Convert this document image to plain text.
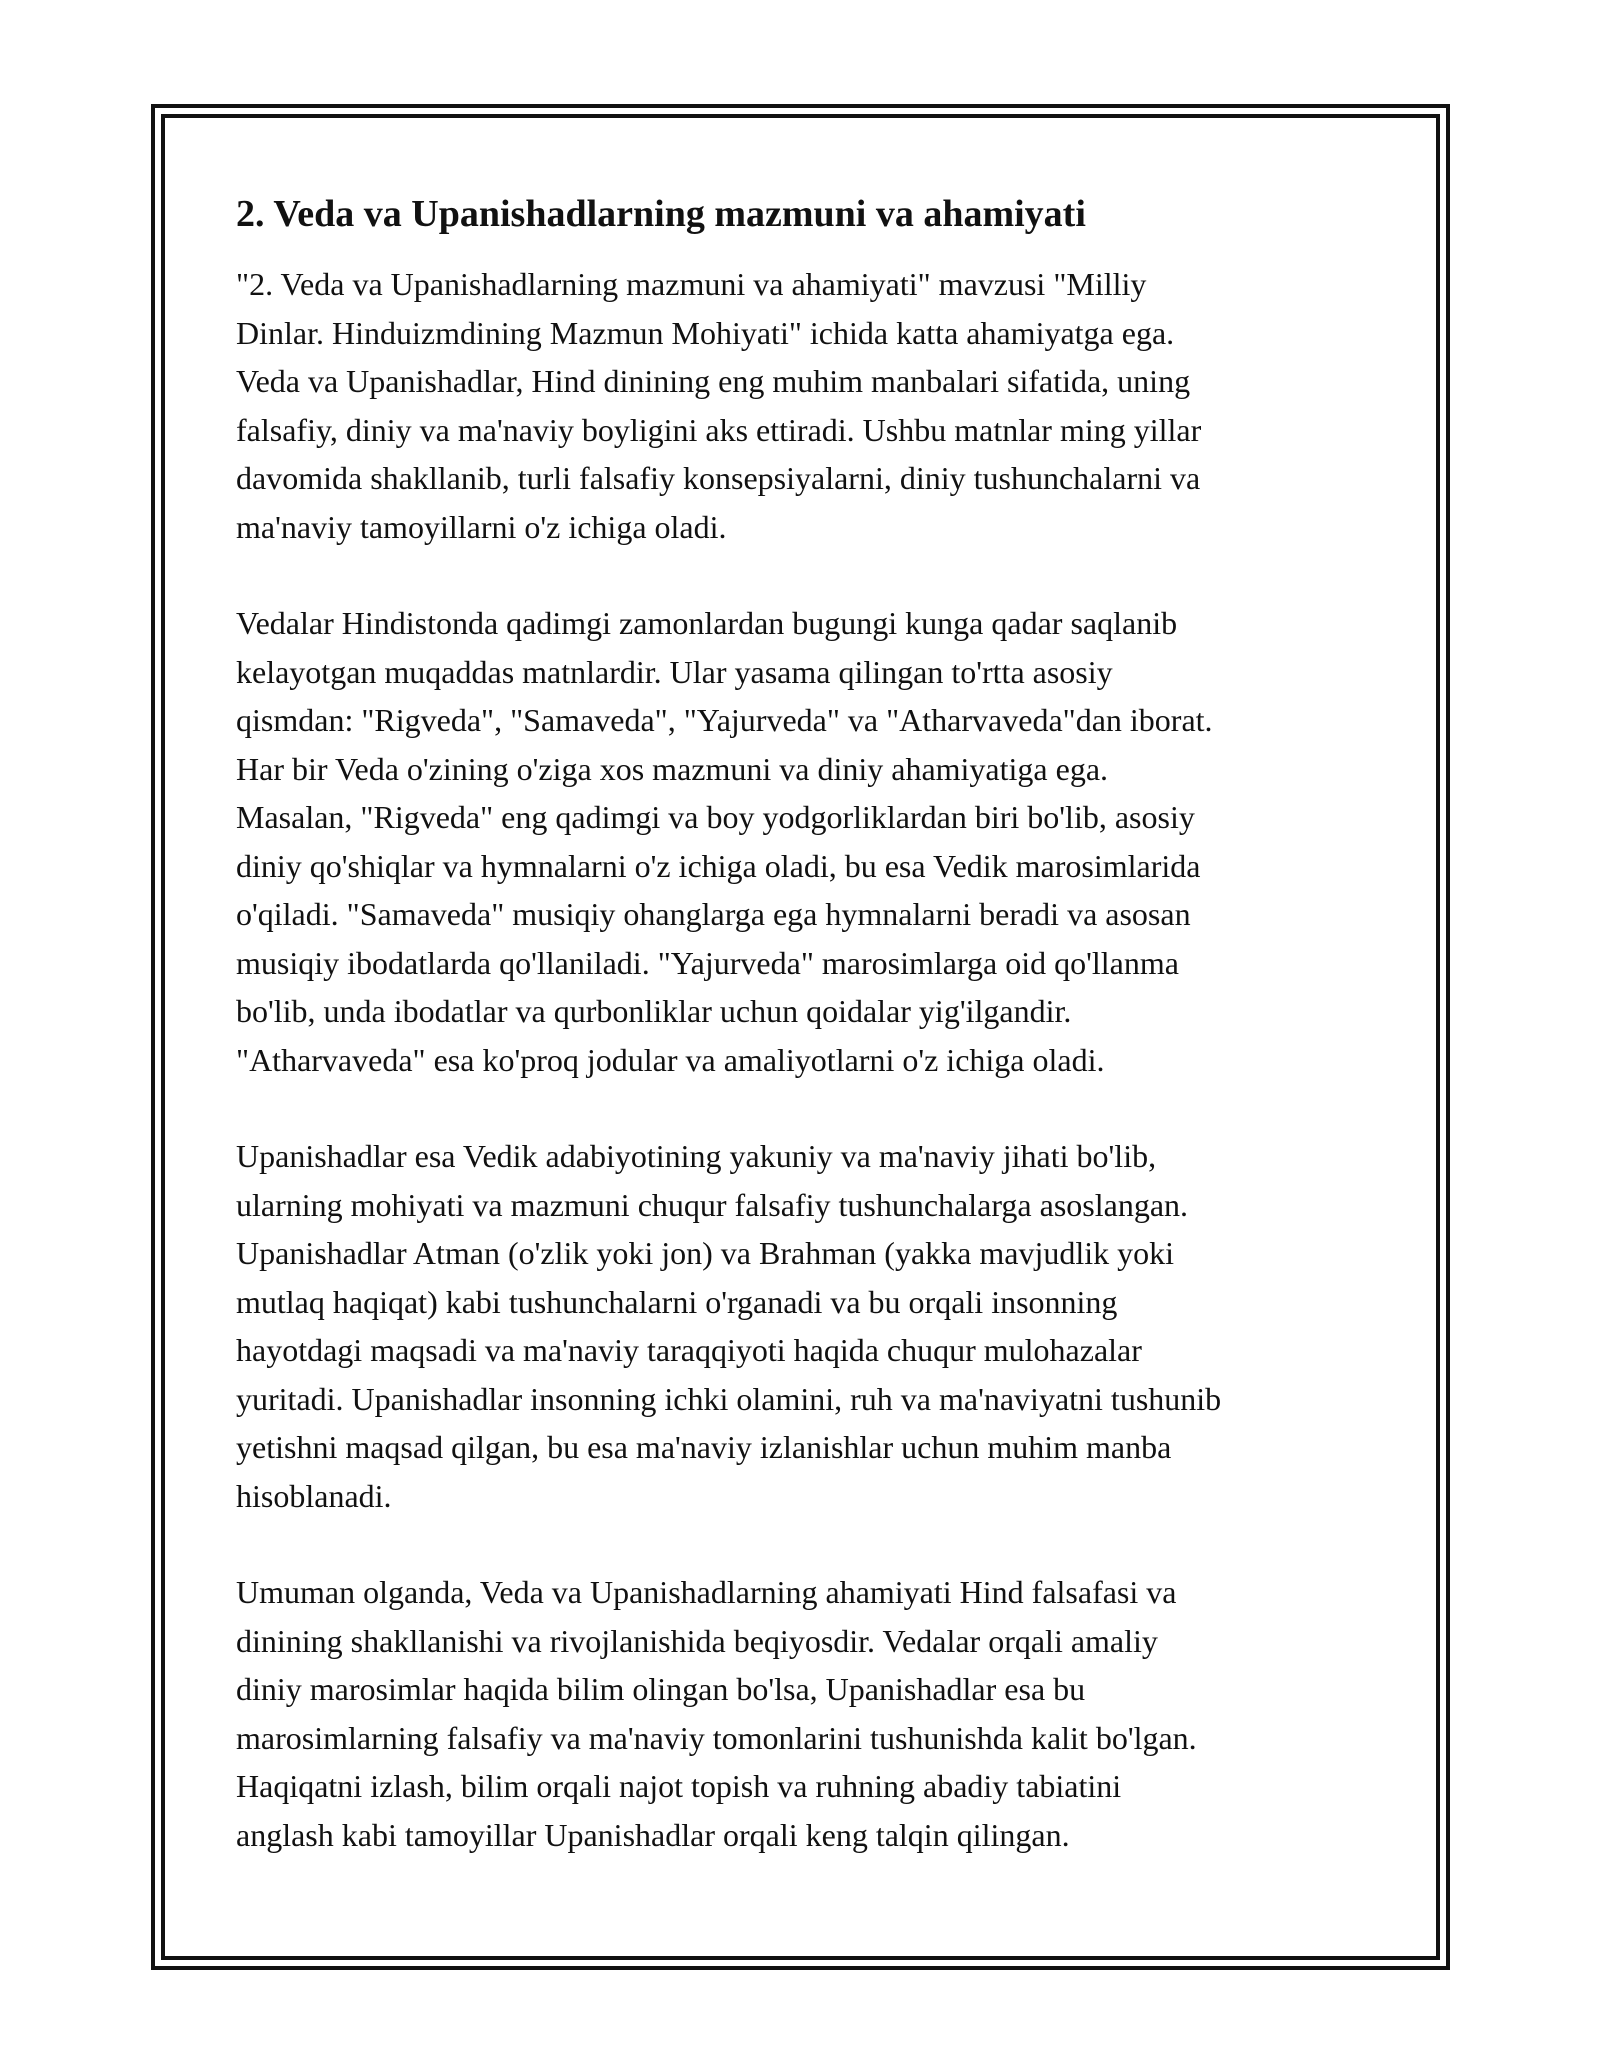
2. Veda va Upanishadlarning mazmuni va ahamiyati
"2. Veda va Upanishadlarning mazmuni va ahamiyati" mavzusi "Milliy
Dinlar. Hinduizmdining Mazmun Mohiyati" ichida katta ahamiyatga ega.
Veda va Upanishadlar, Hind dinining eng muhim manbalari sifatida, uning
falsafiy, diniy va ma'naviy boyligini aks ettiradi. Ushbu matnlar ming yillar
davomida shakllanib, turli falsafiy konsepsiyalarni, diniy tushunchalarni va
ma'naviy tamoyillarni o'z ichiga oladi.
Vedalar Hindistonda qadimgi zamonlardan bugungi kunga qadar saqlanib
kelayotgan muqaddas matnlardir. Ular yasama qilingan to'rtta asosiy
qismdan: "Rigveda", "Samaveda", "Yajurveda" va "Atharvaveda"dan iborat.
Har bir Veda o'zining o'ziga xos mazmuni va diniy ahamiyatiga ega.
Masalan, "Rigveda" eng qadimgi va boy yodgorliklardan biri bo'lib, asosiy
diniy qo'shiqlar va hymnalarni o'z ichiga oladi, bu esa Vedik marosimlarida
o'qiladi. "Samaveda" musiqiy ohanglarga ega hymnalarni beradi va asosan
musiqiy ibodatlarda qo'llaniladi. "Yajurveda" marosimlarga oid qo'llanma
bo'lib, unda ibodatlar va qurbonliklar uchun qoidalar yig'ilgandir.
"Atharvaveda" esa ko'proq jodular va amaliyotlarni o'z ichiga oladi.
Upanishadlar esa Vedik adabiyotining yakuniy va ma'naviy jihati bo'lib,
ularning mohiyati va mazmuni chuqur falsafiy tushunchalarga asoslangan.
Upanishadlar Atman (o'zlik yoki jon) va Brahman (yakka mavjudlik yoki
mutlaq haqiqat) kabi tushunchalarni o'rganadi va bu orqali insonning
hayotdagi maqsadi va ma'naviy taraqqiyoti haqida chuqur mulohazalar
yuritadi. Upanishadlar insonning ichki olamini, ruh va ma'naviyatni tushunib
yetishni maqsad qilgan, bu esa ma'naviy izlanishlar uchun muhim manba
hisoblanadi.
Umuman olganda, Veda va Upanishadlarning ahamiyati Hind falsafasi va
dinining shakllanishi va rivojlanishida beqiyosdir. Vedalar orqali amaliy
diniy marosimlar haqida bilim olingan bo'lsa, Upanishadlar esa bu
marosimlarning falsafiy va ma'naviy tomonlarini tushunishda kalit bo'lgan.
Haqiqatni izlash, bilim orqali najot topish va ruhning abadiy tabiatini
anglash kabi tamoyillar Upanishadlar orqali keng talqin qilingan.
